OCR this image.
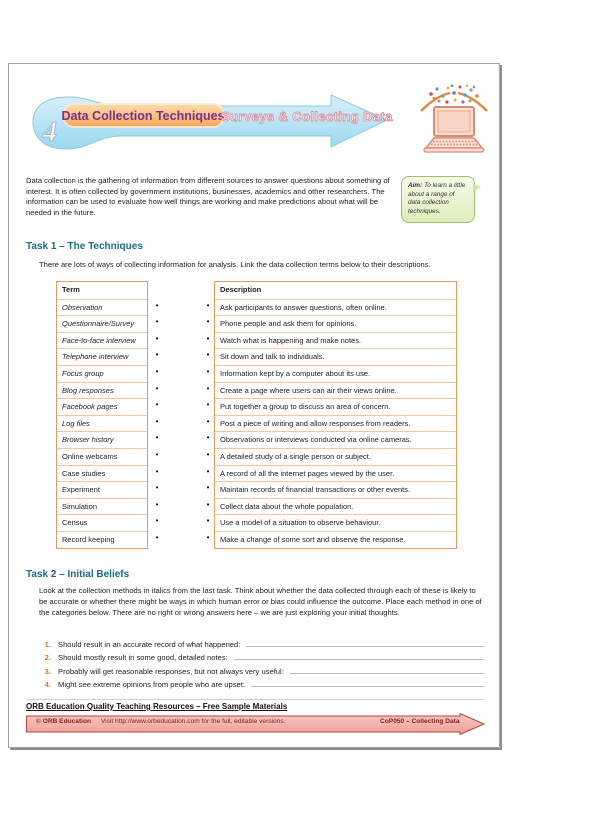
4
Data Collection Techniques
Surveys & Collecting Data
Data collection is the gathering of information from different sources to answer questions about something of interest. It is often collected by government institutions, businesses, academics and other researchers. The information can be used to evaluate how well things are working and make predictions about what will be needed in the future.
Aim: To learn a little about a range of data collection techniques.
Task 1 – The Techniques
There are lots of ways of collecting information for analysis. Link the data collection terms below to their descriptions.
Term
Observation
Questionnaire/Survey
Face-to-face interview
Telephone interview
Focus group
Blog responses
Facebook pages
Log files
Browser history
Online webcams
Case studies
Experiment
Simulation
Census
Record keeping
•
•
•
•
•
•
•
•
•
•
•
•
•
•
•
•
•
•
•
•
•
•
•
•
•
•
•
•
•
•
Description
Ask participants to answer questions, often online.
Phone people and ask them for opinions.
Watch what is happening and make notes.
Sit down and talk to individuals.
Information kept by a computer about its use.
Create a page where users can air their views online.
Put together a group to discuss an area of concern.
Post a piece of writing and allow responses from readers.
Observations or interviews conducted via online cameras.
A detailed study of a single person or subject.
A record of all the internet pages viewed by the user.
Maintain records of financial transactions or other events.
Collect data about the whole population.
Use a model of a situation to observe behaviour.
Make a change of some sort and observe the response.
Task 2 – Initial Beliefs
Look at the collection methods in italics from the last task. Think about whether the data collected through each of these is likely to be accurate or whether there might be ways in which human error or bias could influence the outcome. Place each method in one of the categories below. There are no right or wrong answers here – we are just exploring your initial thoughts.
1. Should result in an accurate record of what happened:
2. Should mostly result in some good, detailed notes:
3. Probably will get reasonable responses, but not always very useful:
4. Might see extreme opinions from people who are upset:
ORB Education Quality Teaching Resources – Free Sample Materials
© ORB Education Visit http://www.orbeducation.com for the full, editable versions.	CoP050 – Collecting Data
